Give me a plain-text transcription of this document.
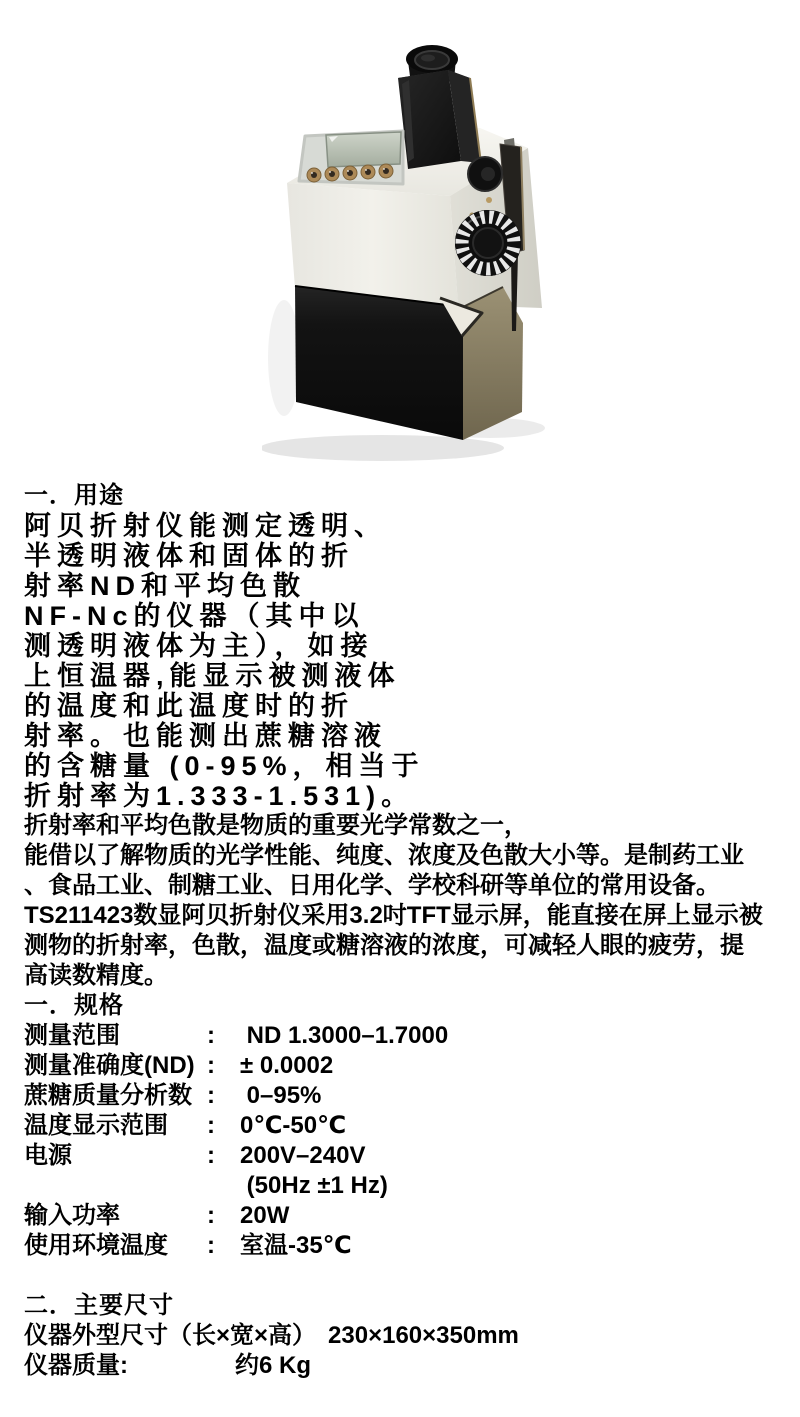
一．用途
阿贝折射仪能测定透明、
半透明液体和固体的折
射率ND和平均色散
NF-Nc的仪器（其中以
测透明液体为主），如接
上恒温器,能显示被测液体
的温度和此温度时的折
射率。也能测出蔗糖溶液
的含糖量 (0-95%，相当于
折射率为1.333-1.531)。
折射率和平均色散是物质的重要光学常数之一，
能借以了解物质的光学性能、纯度、浓度及色散大小等。是制药工业
、食品工业、制糖工业、日用化学、学校科研等单位的常用设备。
TS211423数显阿贝折射仪采用3.2吋TFT显示屏，能直接在屏上显示被
测物的折射率，色散，温度或糖溶液的浓度，可减轻人眼的疲劳，提
高读数精度。
一．规格
测量范围	:	ND 1.3000–1.7000
测量准确度(ND) :	± 0.0002
蔗糖质量分析数 :	0–95%
温度显示范围	:	0℃-50℃
电源	:	200V–240V
(50Hz ±1 Hz)
输入功率	:	20W
使用环境温度	:	室温-35℃
二．主要尺寸
仪器外型尺寸（长×宽×高） 230×160×350mm
仪器质量:	约6 Kg
